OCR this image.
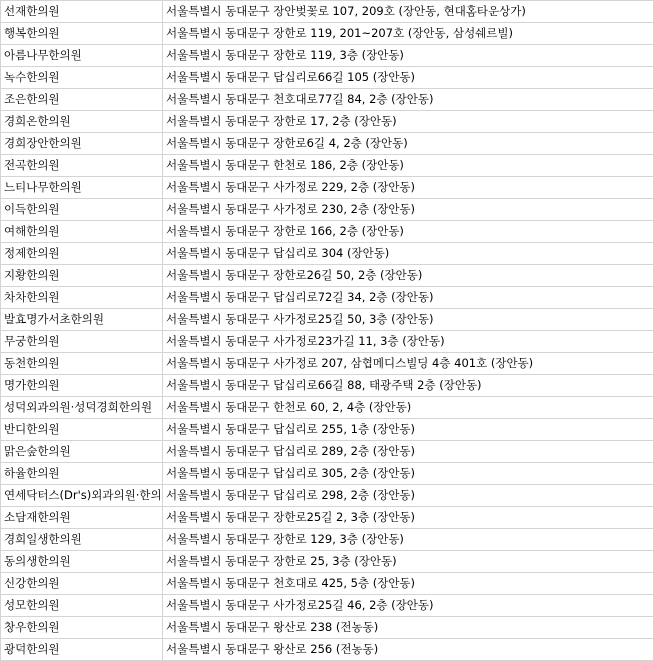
선재한의원	서울특별시 동대문구 장안벚꽃로 107, 209호 (장안동, 현대홈타운상가)
행복한의원	서울특별시 동대문구 장한로 119, 201~207호 (장안동, 삼성쉐르빌)
아름나무한의원	서울특별시 동대문구 장한로 119, 3층 (장안동)
녹수한의원	서울특별시 동대문구 답십리로66길 105 (장안동)
조은한의원	서울특별시 동대문구 천호대로77길 84, 2층 (장안동)
경희온한의원	서울특별시 동대문구 장한로 17, 2층 (장안동)
경희장안한의원	서울특별시 동대문구 장한로6길 4, 2층 (장안동)
전곡한의원	서울특별시 동대문구 한천로 186, 2층 (장안동)
느티나무한의원	서울특별시 동대문구 사가정로 229, 2층 (장안동)
이득한의원	서울특별시 동대문구 사가정로 230, 2층 (장안동)
여해한의원	서울특별시 동대문구 장한로 166, 2층 (장안동)
정제한의원	서울특별시 동대문구 답십리로 304 (장안동)
지황한의원	서울특별시 동대문구 장한로26길 50, 2층 (장안동)
차차한의원	서울특별시 동대문구 답십리로72길 34, 2층 (장안동)
발효명가서초한의원	서울특별시 동대문구 사가정로25길 50, 3층 (장안동)
무궁한의원	서울특별시 동대문구 사가정로23가길 11, 3층 (장안동)
동천한의원	서울특별시 동대문구 사가정로 207, 삼협메디스빌딩 4층 401호 (장안동)
명가한의원	서울특별시 동대문구 답십리로66길 88, 태광주택 2층 (장안동)
성덕외과의원·성덕경희한의원	서울특별시 동대문구 한천로 60, 2, 4층 (장안동)
반디한의원	서울특별시 동대문구 답십리로 255, 1층 (장안동)
맑은숲한의원	서울특별시 동대문구 답십리로 289, 2층 (장안동)
하율한의원	서울특별시 동대문구 답십리로 305, 2층 (장안동)
연세닥터스(Dr's)외과의원·한의	서울특별시 동대문구 답십리로 298, 2층 (장안동)
소담재한의원	서울특별시 동대문구 장한로25길 2, 3층 (장안동)
경희일생한의원	서울특별시 동대문구 장한로 129, 3층 (장안동)
동의생한의원	서울특별시 동대문구 장한로 25, 3층 (장안동)
신강한의원	서울특별시 동대문구 천호대로 425, 5층 (장안동)
성모한의원	서울특별시 동대문구 사가정로25길 46, 2층 (장안동)
창우한의원	서울특별시 동대문구 왕산로 238 (전농동)
광덕한의원	서울특별시 동대문구 왕산로 256 (전농동)
